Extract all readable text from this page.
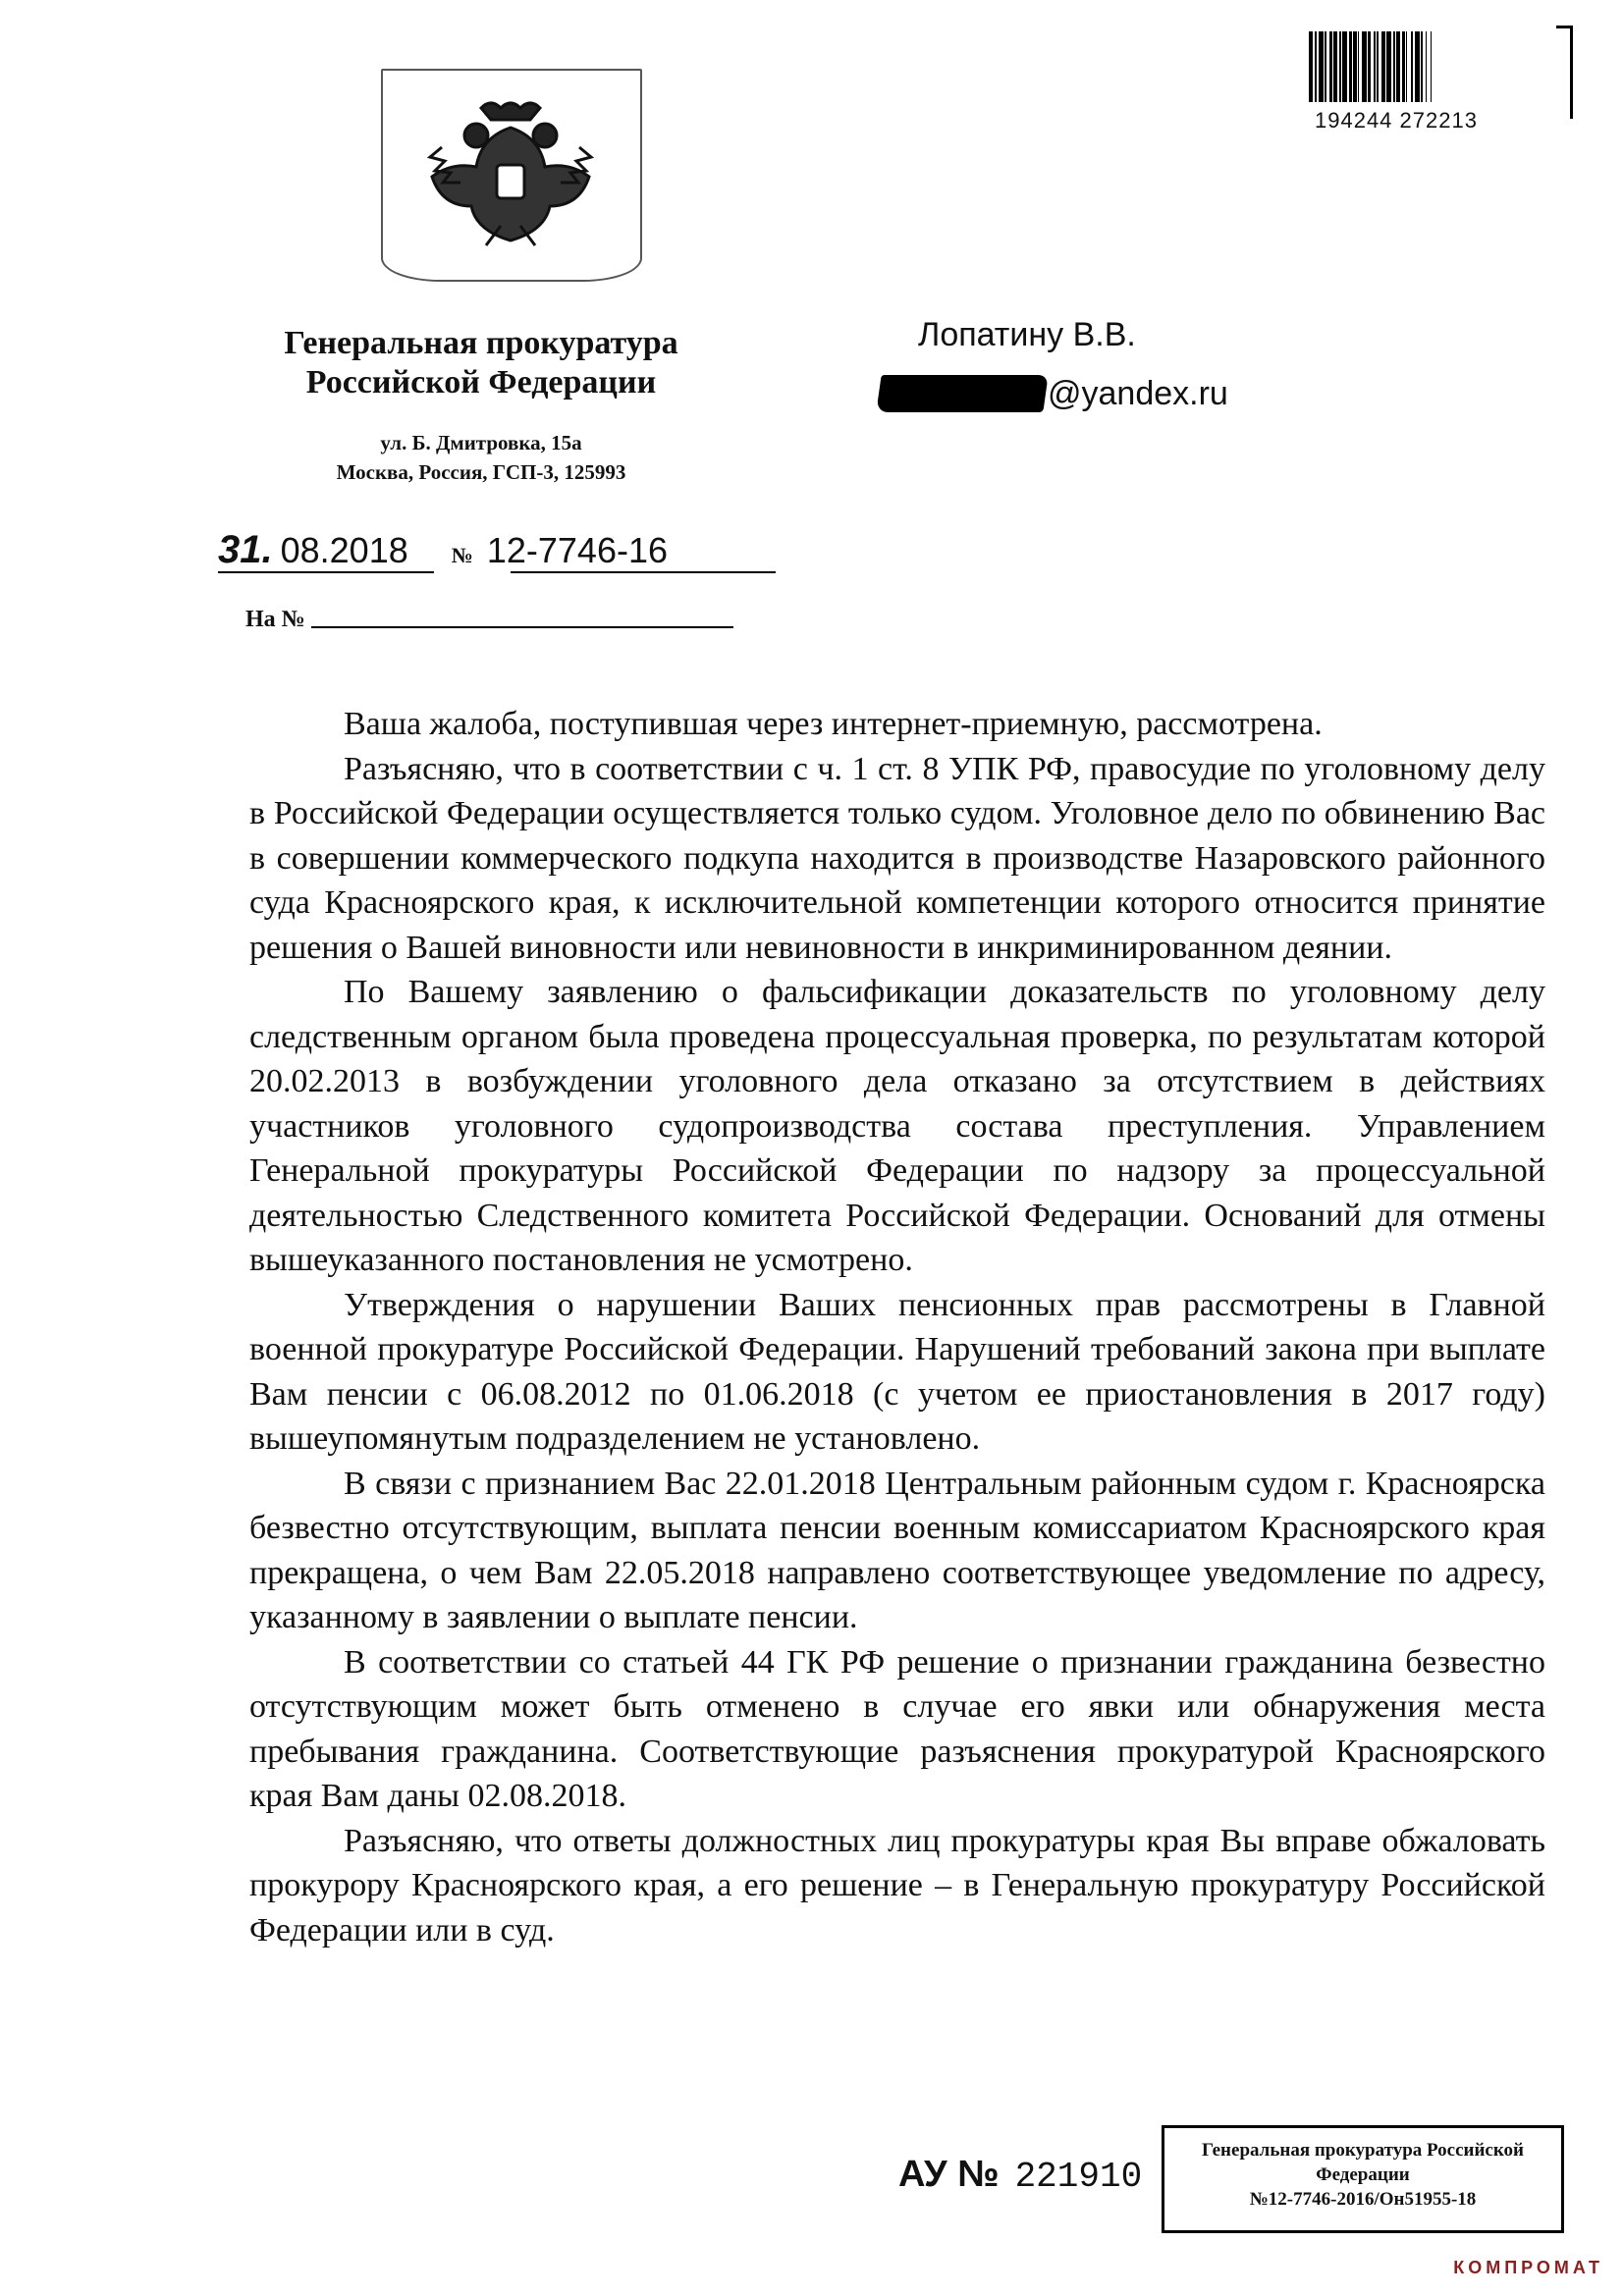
194244 272213
Генеральная прокуратура
Российской Федерации
ул. Б. Дмитровка, 15а
Москва, Россия, ГСП-3, 125993
Лопатину В.В.
@yandex.ru
31. 08.2018 № 12-7746-16
На №

Ваша жалоба, поступившая через интернет-приемную, рассмотрена.

Разъясняю, что в соответствии с ч. 1 ст. 8 УПК РФ, правосудие по уголовному делу в Российской Федерации осуществляется только судом. Уголовное дело по обвинению Вас в совершении коммерческого подкупа находится в производстве Назаровского районного суда Красноярского края, к исключительной компетенции которого относится принятие решения о Вашей виновности или невиновности в инкриминированном деянии.

По Вашему заявлению о фальсификации доказательств по уголовному делу следственным органом была проведена процессуальная проверка, по результатам которой 20.02.2013 в возбуждении уголовного дела отказано за отсутствием в действиях участников уголовного судопроизводства состава преступления. Управлением Генеральной прокуратуры Российской Федерации по надзору за процессуальной деятельностью Следственного комитета Российской Федерации. Оснований для отмены вышеуказанного постановления не усмотрено.

Утверждения о нарушении Ваших пенсионных прав рассмотрены в Главной военной прокуратуре Российской Федерации. Нарушений требований закона при выплате Вам пенсии с 06.08.2012 по 01.06.2018 (с учетом ее приостановления в 2017 году) вышеупомянутым подразделением не установлено.

В связи с признанием Вас 22.01.2018 Центральным районным судом г. Красноярска безвестно отсутствующим, выплата пенсии военным комиссариатом Красноярского края прекращена, о чем Вам 22.05.2018 направлено соответствующее уведомление по адресу, указанному в заявлении о выплате пенсии.

В соответствии со статьей 44 ГК РФ решение о признании гражданина безвестно отсутствующим может быть отменено в случае его явки или обнаружения места пребывания гражданина. Соответствующие разъяснения прокуратурой Красноярского края Вам даны 02.08.2018.

Разъясняю, что ответы должностных лиц прокуратуры края Вы вправе обжаловать прокурору Красноярского края, а его решение – в Генеральную прокуратуру Российской Федерации или в суд.

АУ № 221910
Генеральная прокуратура Российской
Федерации
№12-7746-2016/Он51955-18
КОМПРОМАТ
